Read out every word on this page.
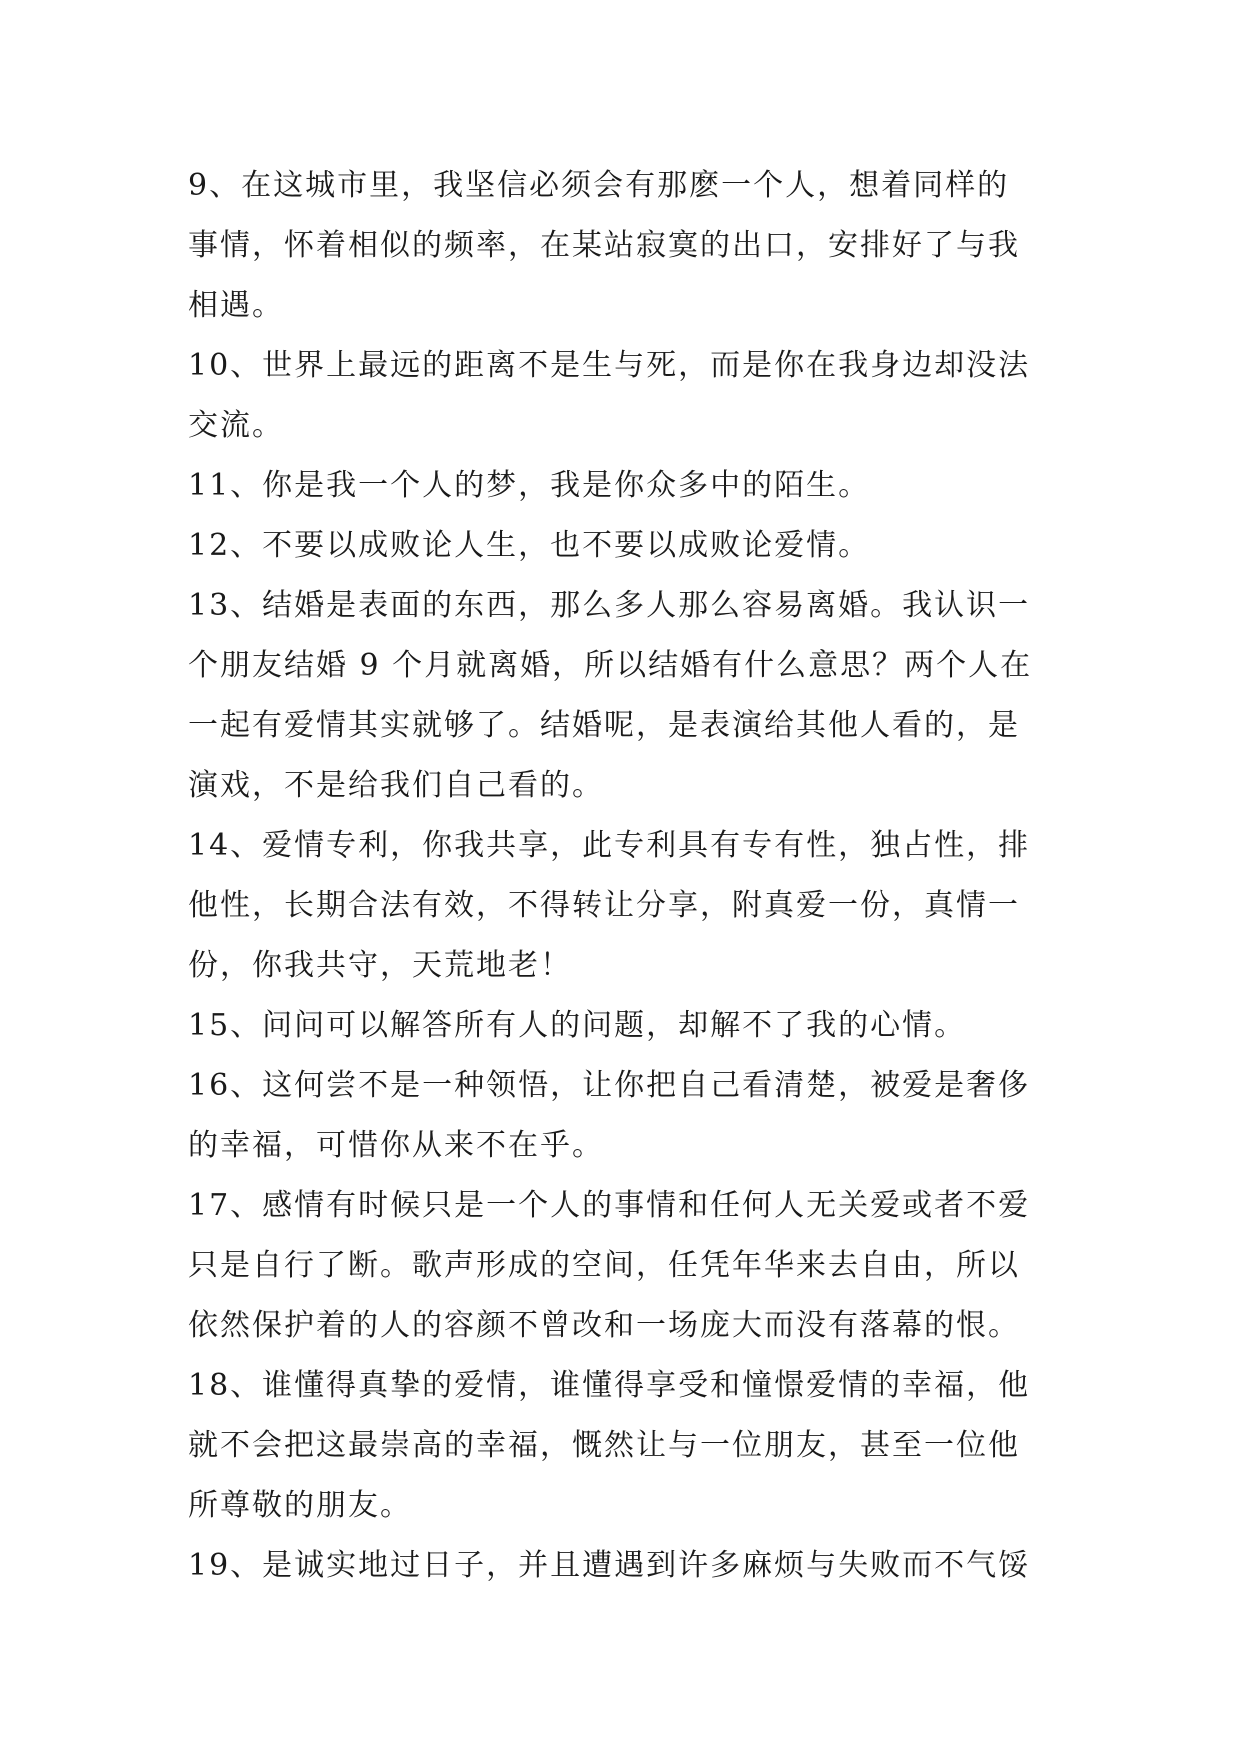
9、在这城市里，我坚信必须会有那麽一个人，想着同样的
事情，怀着相似的频率，在某站寂寞的出口，安排好了与我
相遇。
10、世界上最远的距离不是生与死，而是你在我身边却没法
交流。
11、你是我一个人的梦，我是你众多中的陌生。
12、不要以成败论人生，也不要以成败论爱情。
13、结婚是表面的东西，那么多人那么容易离婚。我认识一
个朋友结婚 9 个月就离婚，所以结婚有什么意思？两个人在
一起有爱情其实就够了。结婚呢，是表演给其他人看的，是
演戏，不是给我们自己看的。
14、爱情专利，你我共享，此专利具有专有性，独占性，排
他性，长期合法有效，不得转让分享，附真爱一份，真情一
份，你我共守，天荒地老！
15、问问可以解答所有人的问题，却解不了我的心情。
16、这何尝不是一种领悟，让你把自己看清楚，被爱是奢侈
的幸福，可惜你从来不在乎。
17、感情有时候只是一个人的事情和任何人无关爱或者不爱
只是自行了断。歌声形成的空间，任凭年华来去自由，所以
依然保护着的人的容颜不曾改和一场庞大而没有落幕的恨。
18、谁懂得真挚的爱情，谁懂得享受和憧憬爱情的幸福，他
就不会把这最崇高的幸福，慨然让与一位朋友，甚至一位他
所尊敬的朋友。
19、是诚实地过日子，并且遭遇到许多麻烦与失败而不气馁
